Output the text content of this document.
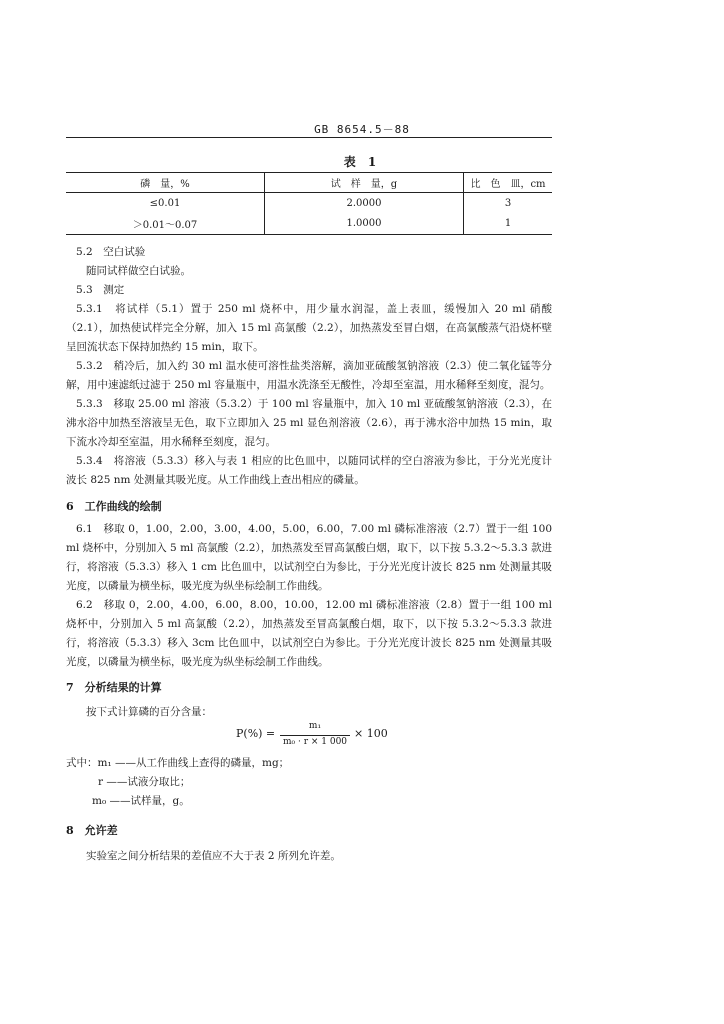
GB 8654.5－88
表 1
磷　量，%	试　样　量，g	比　色　皿，cm
≤0.01	2.0000	3
＞0.01～0.07	1.0000	1
5.2　空白试验
随同试样做空白试验。
5.3　测定
5.3.1　将试样（5.1）置于 250 ml 烧杯中，用少量水润湿，盖上表皿，缓慢加入 20 ml 硝酸（2.1），加热使试样完全分解，加入 15 ml 高氯酸（2.2），加热蒸发至冒白烟，在高氯酸蒸气沿烧杯壁呈回流状态下保持加热约 15 min，取下。
5.3.2　稍冷后，加入约 30 ml 温水使可溶性盐类溶解，滴加亚硫酸氢钠溶液（2.3）使二氧化锰等分解，用中速滤纸过滤于 250 ml 容量瓶中，用温水洗涤至无酸性，冷却至室温，用水稀释至刻度，混匀。
5.3.3　移取 25.00 ml 溶液（5.3.2）于 100 ml 容量瓶中，加入 10 ml 亚硫酸氢钠溶液（2.3），在沸水浴中加热至溶液呈无色，取下立即加入 25 ml 显色剂溶液（2.6），再于沸水浴中加热 15 min，取下流水冷却至室温，用水稀释至刻度，混匀。
5.3.4　将溶液（5.3.3）移入与表 1 相应的比色皿中，以随同试样的空白溶液为参比，于分光光度计波长 825 nm 处测量其吸光度。从工作曲线上查出相应的磷量。
6　工作曲线的绘制
6.1　移取 0，1.00，2.00，3.00，4.00，5.00，6.00，7.00 ml 磷标准溶液（2.7）置于一组 100 ml 烧杯中，分别加入 5 ml 高氯酸（2.2），加热蒸发至冒高氯酸白烟，取下，以下按 5.3.2～5.3.3 款进行，将溶液（5.3.3）移入 1 cm 比色皿中，以试剂空白为参比，于分光光度计波长 825 nm 处测量其吸光度，以磷量为横坐标，吸光度为纵坐标绘制工作曲线。
6.2　移取 0，2.00，4.00，6.00，8.00，10.00，12.00 ml 磷标准溶液（2.8）置于一组 100 ml 烧杯中，分别加入 5 ml 高氯酸（2.2），加热蒸发至冒高氯酸白烟，取下，以下按 5.3.2～5.3.3 款进行，将溶液（5.3.3）移入 3cm 比色皿中，以试剂空白为参比。于分光光度计波长 825 nm 处测量其吸光度，以磷量为横坐标，吸光度为纵坐标绘制工作曲线。
7　分析结果的计算
按下式计算磷的百分含量：
P(%) =
m₁
m₀ · r × 1 000
× 100
式中：m₁ ——从工作曲线上查得的磷量，mg；
r ——试液分取比；
m₀ ——试样量，g。
8　允许差
实验室之间分析结果的差值应不大于表 2 所列允许差。
